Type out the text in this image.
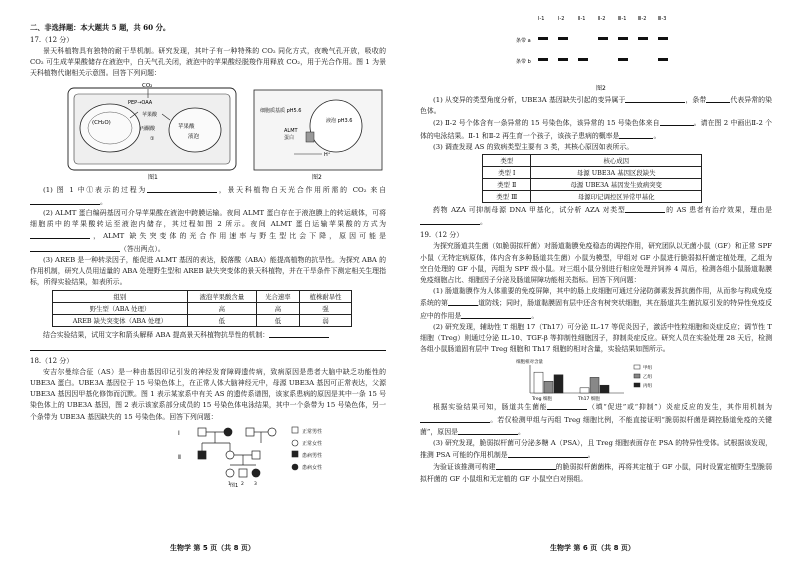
二、非选择题：本大题共 5 题，共 60 分。

17.（12 分）

景天科植物具有独特的耐干旱机制。研究发现，其叶子有一种特殊的 CO₂ 同化方式，夜晚气孔开放，吸收的 CO₂ 可生成苹果酸储存在液泡中，白天气孔关闭，液泡中的苹果酸经脱羧作用释放 CO₂，用于光合作用。图 1 为景天科植物代谢相关示意图。回答下列问题：

(CH₂O)
苹果酸
液泡
CO₂
PEP→OAA
苹果酸
丙酮酸
①
图1
细胞质基质 pH5.6
ALMT
蛋白
液泡 pH3.6
H⁺
图2

(1) 图 1 中①表示的过程为	，景天科植物白天光合作用所需的 CO₂ 来自。

(2) ALMT 蛋白编码基因可介导苹果酸在液泡中跨膜运输。夜间 ALMT 蛋白存在于液泡膜上的转运载体，可将细胞质中的苹果酸转运至液泡内储存，其过程如图 2 所示。夜间 ALMT 蛋白运输苹果酸的方式为，ALMT 缺失突变体的光合作用速率与野生型比会下降，原因可能是（答出两点）。

(3) AREB 是一种转录因子，能促进 ALMT 基因的表达，脱落酸（ABA）能提高植物的抗旱性。为探究 ABA 的作用机制，研究人员用适量的 ABA 处理野生型和 AREB 缺失突变体的景天科植物，并在干旱条件下测定相关生理指标，所得实验结果，如表所示。

组别	液泡苹果酸含量	光合速率	植株耐旱性
野生型（ABA 处理）	高	高	强
AREB 缺失突变体（ABA 处理）	低	低	弱

结合实验结果，试用文字和箭头解释 ABA 提高景天科植物抗旱性的机制：

18.（12 分）

安吉尔曼综合征（AS）是一种由基因印记引发的神经发育障碍遗传病，致病原因是患者大脑中缺乏功能性的 UBE3A 蛋白。UBE3A 基因位于 15 号染色体上，在正常人体大脑神经元中，母源 UBE3A 基因可正常表达，父源 UBE3A 基因因甲基化修饰而沉默。图 1 表示某家系中有关 AS 的遗传系谱图，该家系患病的原因是其中一条 15 号染色体上的 UBE3A 基因，图 2 表示该家系部分成员的 15 号染色体电泳结果，其中一个条带为 15 号染色体，另一个条带为 UBE3A 基因缺失的 15 号染色体。回答下列问题：

Ⅰ
Ⅱ
1 2 3
正常男性
正常女性
患病男性
患病女性
图1
生物学 第 5 页（共 8 页）
Ⅰ-1	Ⅰ-2	Ⅱ-1	Ⅱ-2	Ⅲ-1 Ⅲ-2 Ⅲ-3
条带 a
条带 b
图2

(1) 从变异的类型角度分析，UBE3A 基因缺失引起的变异属于	，条带	代表异常的染色体。

(2) Ⅱ-2 号个体含有一条异常的 15 号染色体，该异常的 15 号染色体来自	。请在图 2 中画出Ⅱ-2 个体的电泳结果。Ⅱ-1 和Ⅱ-2 再生育一个孩子，该孩子患病的概率是	。

(3) 调查发现 AS 的致病类型主要有 3 类，其核心原因如表所示。

类型	核心成因
类型 Ⅰ	母源 UBE3A 基因区段缺失
类型 Ⅱ	母源 UBE3A 基因发生致病突变
类型 Ⅲ	母源印记调控区异常甲基化

药物 AZA 可抑制母源 DNA 甲基化，试分析 AZA 对类型	的 AS 患者有治疗效果，理由是。

19.（12 分）

为探究肠道共生菌（如脆弱拟杆菌）对肠道黏膜免疫稳态的调控作用，研究团队以无菌小鼠（GF）和正常 SPF 小鼠（无特定病原体，体内含有多种肠道共生菌）小鼠为模型，甲组对 GF 小鼠进行脆弱拟杆菌定植处理，乙组为空白处理的 GF 小鼠，丙组为 SPF 级小鼠。对三组小鼠分别进行相应处理并饲养 4 周后，检测各组小鼠肠道黏膜免疫细胞占比、细胞因子分泌及肠道屏障功能相关指标。回答下列问题：

(1) 肠道黏膜作为人体重要的免疫屏障，其中的肠上皮细胞可通过分泌防御素发挥抗菌作用，从而参与构成免疫系统的第	道防线；同时，肠道黏膜固有层中还含有树突状细胞，其在肠道共生菌抗原引发的特异性免疫反应中的作用是	。

(2) 研究发现，辅助性 T 细胞 17（Th17）可分泌 IL-17 等促炎因子，激活中性粒细胞和炎症反应；调节性 T 细胞（Treg）则通过分泌 IL-10、TGF-β 等抑制性细胞因子，抑制炎症反应。研究人员在实验处理 28 天后，检测各组小鼠肠道固有层中 Treg 细胞和 Th17 细胞的相对含量，实验结果如图所示。

细胞相对含量
Treg 细胞	Th17 细胞
甲组
乙组
丙组

根据实验结果可知，肠道共生菌能	（填“促进”或“抑制”）炎症反应的发生，其作用机制为。若仅检测甲组与丙组 Treg 细胞比例，不能直接证明“脆弱拟杆菌是调控肠道免疫的关键菌”，原因是	。

(3) 研究发现，脆弱拟杆菌可分泌多糖 A（PSA），且 Treg 细胞表面存在 PSA 的特异性受体。试根据该发现，推测 PSA 可能的作用机制是	。

为验证该推测可构建	的脆弱拟杆菌菌株，再将其定植于 GF 小鼠，同时设置定植野生型脆弱拟杆菌的 GF 小鼠组和无定植的 GF 小鼠空白对照组。

生物学 第 6 页（共 8 页）
